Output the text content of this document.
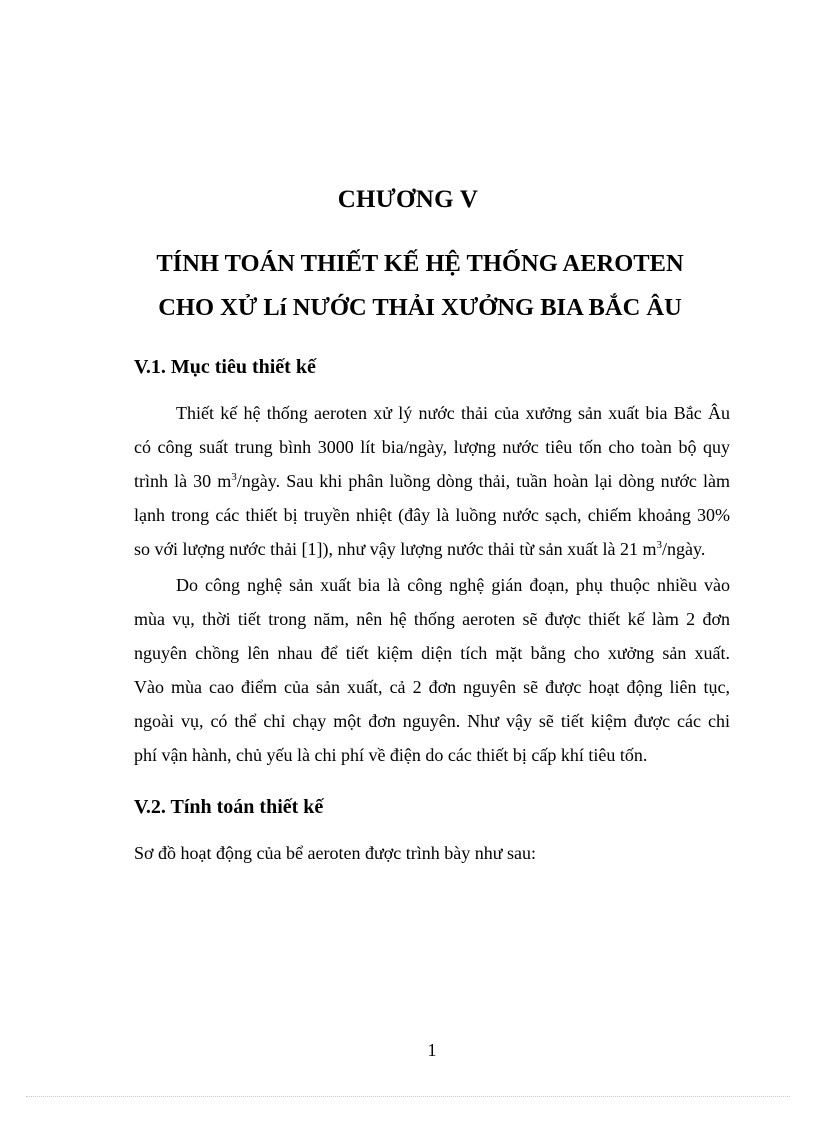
CHƯƠNG V
TÍNH TOÁN THIẾT KẾ HỆ THỐNG AEROTEN
CHO XỬ Lí NƯỚC THẢI XƯỞNG BIA BẮC ÂU
V.1. Mục tiêu thiết kế
Thiết kế hệ thống aeroten xử lý nước thải của xưởng sản xuất bia Bắc Âu
có công suất trung bình 3000 lít bia/ngày, lượng nước tiêu tốn cho toàn bộ quy
trình là 30 $m^3$/ngày. Sau khi phân luồng dòng thải, tuần hoàn lại dòng nước làm
lạnh trong các thiết bị truyền nhiệt (đây là luồng nước sạch, chiếm khoảng 30%
so với lượng nước thải [1]), như vậy lượng nước thải từ sản xuất là 21 $m^3$/ngày.
Do công nghệ sản xuất bia là công nghệ gián đoạn, phụ thuộc nhiều vào
mùa vụ, thời tiết trong năm, nên hệ thống aeroten sẽ được thiết kế làm 2 đơn
nguyên chồng lên nhau để tiết kiệm diện tích mặt bằng cho xưởng sản xuất.
Vào mùa cao điểm của sản xuất, cả 2 đơn nguyên sẽ được hoạt động liên tục,
ngoài vụ, có thể chỉ chạy một đơn nguyên. Như vậy sẽ tiết kiệm được các chi
phí vận hành, chủ yếu là chi phí về điện do các thiết bị cấp khí tiêu tốn.
V.2. Tính toán thiết kế
Sơ đồ hoạt động của bể aeroten được trình bày như sau:

1
